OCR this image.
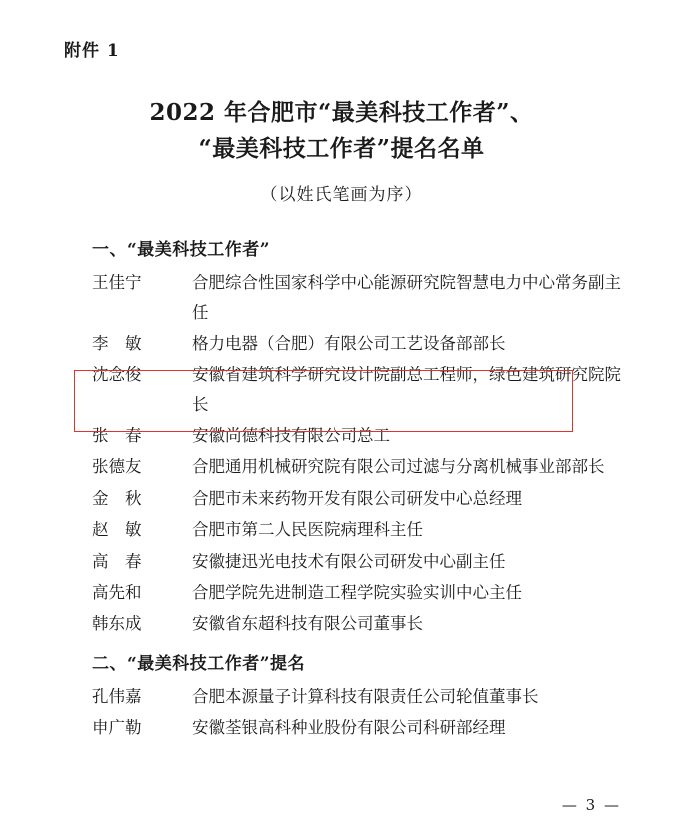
附件 1
2022 年合肥市“最美科技工作者”、
“最美科技工作者”提名名单
（以姓氏笔画为序）
一、“最美科技工作者”
王佳宁	合肥综合性国家科学中心能源研究院智慧电力中心常务副主任
李　敏	格力电器（合肥）有限公司工艺设备部部长
沈念俊	安徽省建筑科学研究设计院副总工程师，绿色建筑研究院院长
张　春	安徽尚德科技有限公司总工
张德友	合肥通用机械研究院有限公司过滤与分离机械事业部部长
金　秋	合肥市未来药物开发有限公司研发中心总经理
赵　敏	合肥市第二人民医院病理科主任
高　春	安徽捷迅光电技术有限公司研发中心副主任
高先和	合肥学院先进制造工程学院实验实训中心主任
韩东成	安徽省东超科技有限公司董事长
二、“最美科技工作者”提名
孔伟嘉	合肥本源量子计算科技有限责任公司轮值董事长
申广勒	安徽荃银高科种业股份有限公司科研部经理
— 3 —
